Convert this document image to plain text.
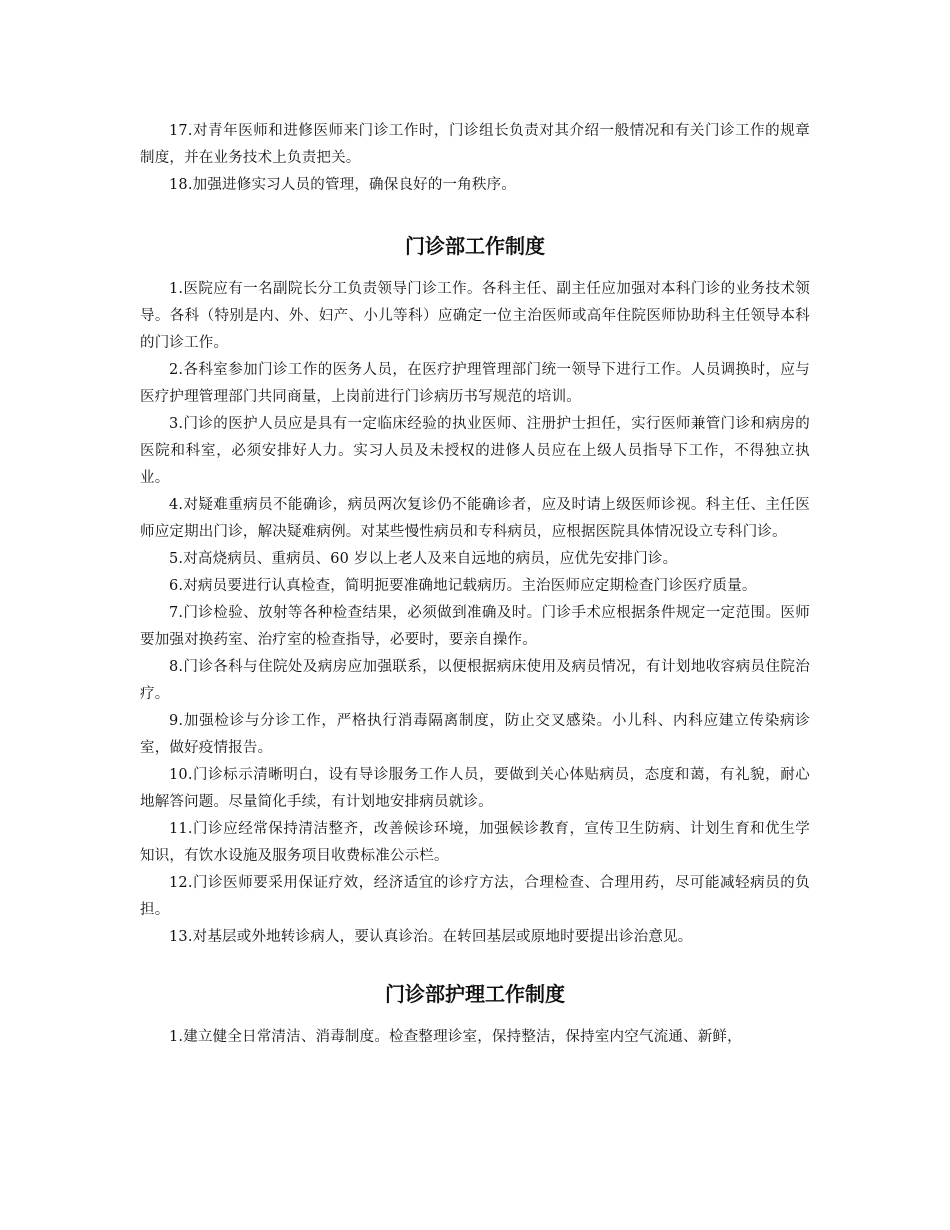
17.对青年医师和进修医师来门诊工作时，门诊组长负责对其介绍一般情况和有关门诊工作的规章制度，并在业务技术上负责把关。

18.加强进修实习人员的管理，确保良好的一角秩序。

门诊部工作制度

1.医院应有一名副院长分工负责领导门诊工作。各科主任、副主任应加强对本科门诊的业务技术领导。各科（特别是内、外、妇产、小儿等科）应确定一位主治医师或高年住院医师协助科主任领导本科的门诊工作。

2.各科室参加门诊工作的医务人员，在医疗护理管理部门统一领导下进行工作。人员调换时，应与医疗护理管理部门共同商量，上岗前进行门诊病历书写规范的培训。

3.门诊的医护人员应是具有一定临床经验的执业医师、注册护士担任，实行医师兼管门诊和病房的医院和科室，必须安排好人力。实习人员及未授权的进修人员应在上级人员指导下工作，不得独立执业。

4.对疑难重病员不能确诊，病员两次复诊仍不能确诊者，应及时请上级医师诊视。科主任、主任医师应定期出门诊，解决疑难病例。对某些慢性病员和专科病员，应根据医院具体情况设立专科门诊。

5.对高烧病员、重病员、60 岁以上老人及来自远地的病员，应优先安排门诊。

6.对病员要进行认真检查，简明扼要准确地记载病历。主治医师应定期检查门诊医疗质量。

7.门诊检验、放射等各种检查结果，必须做到准确及时。门诊手术应根据条件规定一定范围。医师要加强对换药室、治疗室的检查指导，必要时，要亲自操作。

8.门诊各科与住院处及病房应加强联系，以便根据病床使用及病员情况，有计划地收容病员住院治疗。

9.加强检诊与分诊工作，严格执行消毒隔离制度，防止交叉感染。小儿科、内科应建立传染病诊室，做好疫情报告。

10.门诊标示清晰明白，设有导诊服务工作人员，要做到关心体贴病员，态度和蔼，有礼貌，耐心地解答问题。尽量简化手续，有计划地安排病员就诊。

11.门诊应经常保持清洁整齐，改善候诊环境，加强候诊教育，宣传卫生防病、计划生育和优生学知识，有饮水设施及服务项目收费标准公示栏。

12.门诊医师要采用保证疗效，经济适宜的诊疗方法，合理检查、合理用药，尽可能减轻病员的负担。

13.对基层或外地转诊病人，要认真诊治。在转回基层或原地时要提出诊治意见。

门诊部护理工作制度

1.建立健全日常清洁、消毒制度。检查整理诊室，保持整洁，保持室内空气流通、新鲜，
